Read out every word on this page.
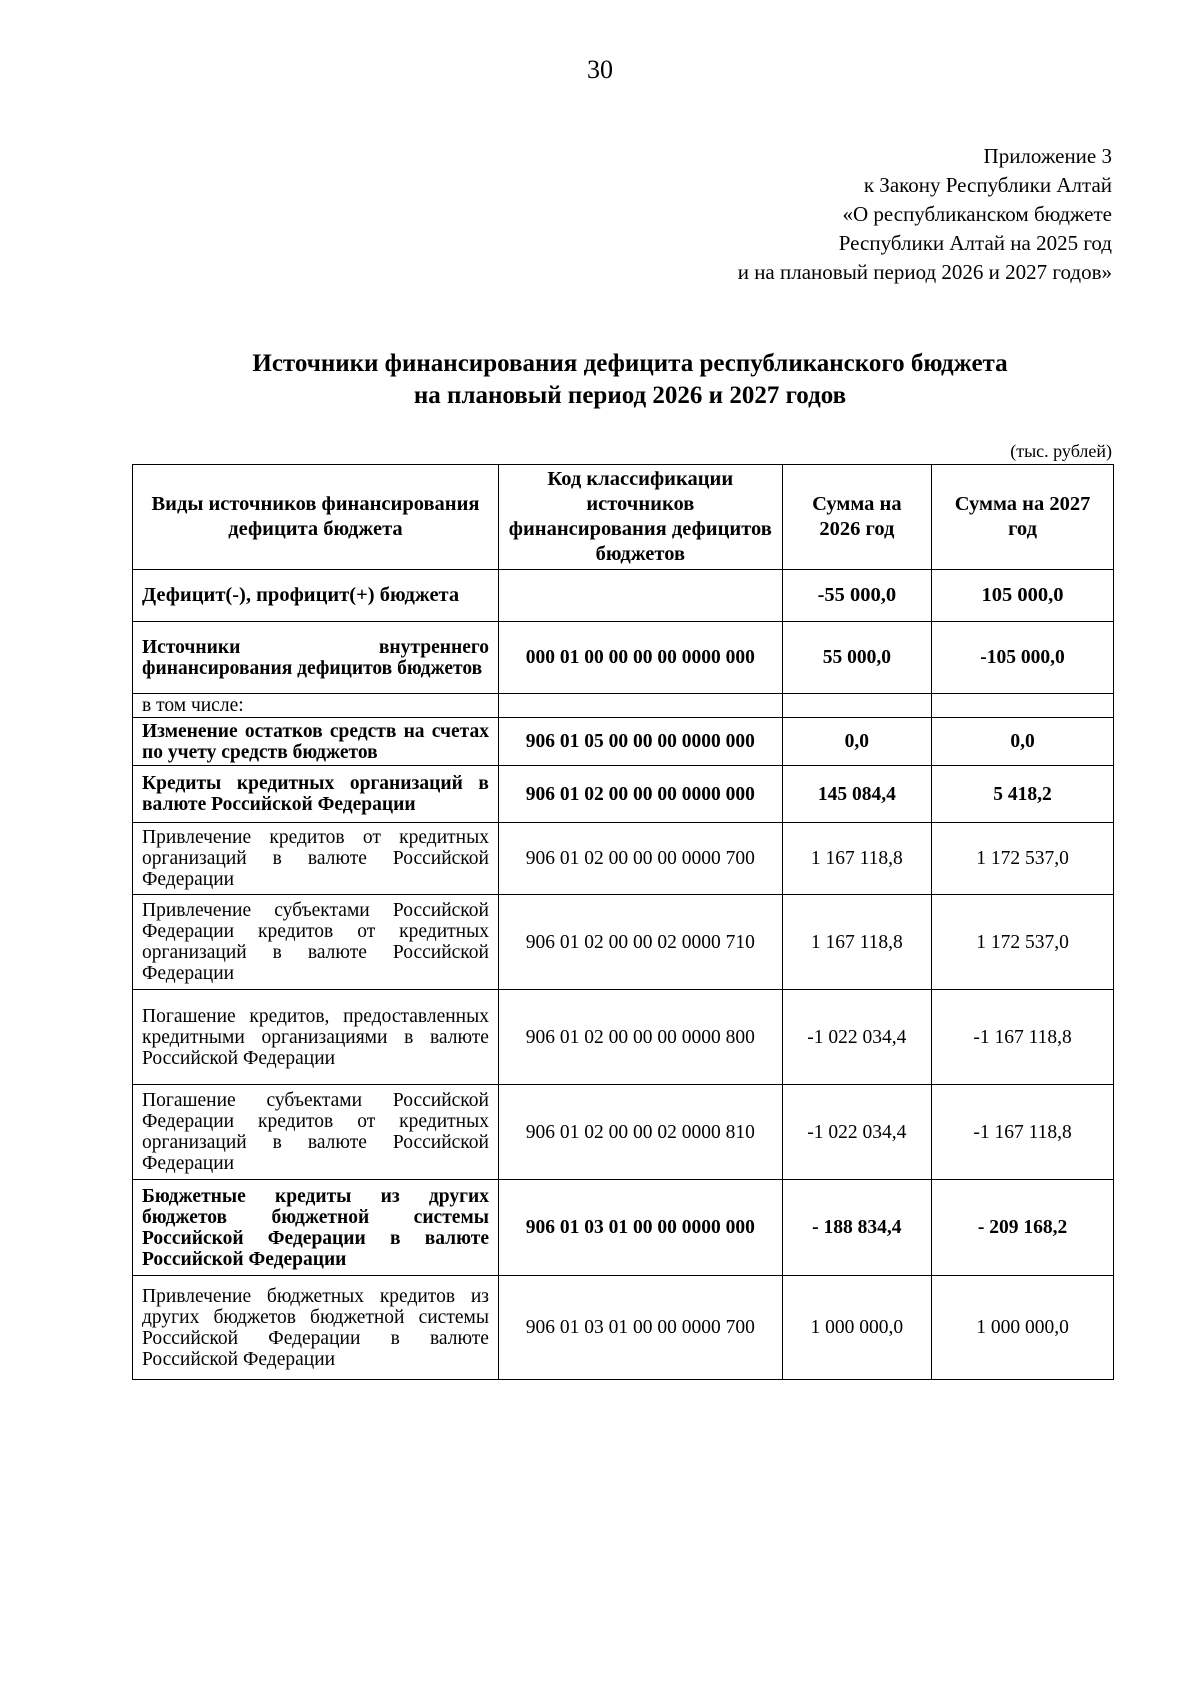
30
Приложение 3
к Закону Республики Алтай
«О республиканском бюджете
Республики Алтай на 2025 год
и на плановый период 2026 и 2027 годов»
Источники финансирования дефицита республиканского бюджета
на плановый период 2026 и 2027 годов
(тыс. рублей)
Виды источников финансирования дефицита бюджета	Код классификации источников финансирования дефицитов бюджетов	Сумма на 2026 год	Сумма на 2027 год
Дефицит(-), профицит(+) бюджета		-55 000,0	105 000,0
Источники внутреннего финансирования дефицитов бюджетов	000 01 00 00 00 00 0000 000	55 000,0	-105 000,0
в том числе:			
Изменение остатков средств на счетах по учету средств бюджетов	906 01 05 00 00 00 0000 000	0,0	0,0
Кредиты кредитных организаций в валюте Российской Федерации	906 01 02 00 00 00 0000 000	145 084,4	5 418,2
Привлечение кредитов от кредитных организаций в валюте Российской Федерации	906 01 02 00 00 00 0000 700	1 167 118,8	1 172 537,0
Привлечение субъектами Российской Федерации кредитов от кредитных организаций в валюте Российской Федерации	906 01 02 00 00 02 0000 710	1 167 118,8	1 172 537,0
Погашение кредитов, предоставленных кредитными организациями в валюте Российской Федерации	906 01 02 00 00 00 0000 800	-1 022 034,4	-1 167 118,8
Погашение субъектами Российской Федерации кредитов от кредитных организаций в валюте Российской Федерации	906 01 02 00 00 02 0000 810	-1 022 034,4	-1 167 118,8
Бюджетные кредиты из других бюджетов бюджетной системы Российской Федерации в валюте Российской Федерации	906 01 03 01 00 00 0000 000	- 188 834,4	- 209 168,2
Привлечение бюджетных кредитов из других бюджетов бюджетной системы Российской Федерации в валюте Российской Федерации	906 01 03 01 00 00 0000 700	1 000 000,0	1 000 000,0
